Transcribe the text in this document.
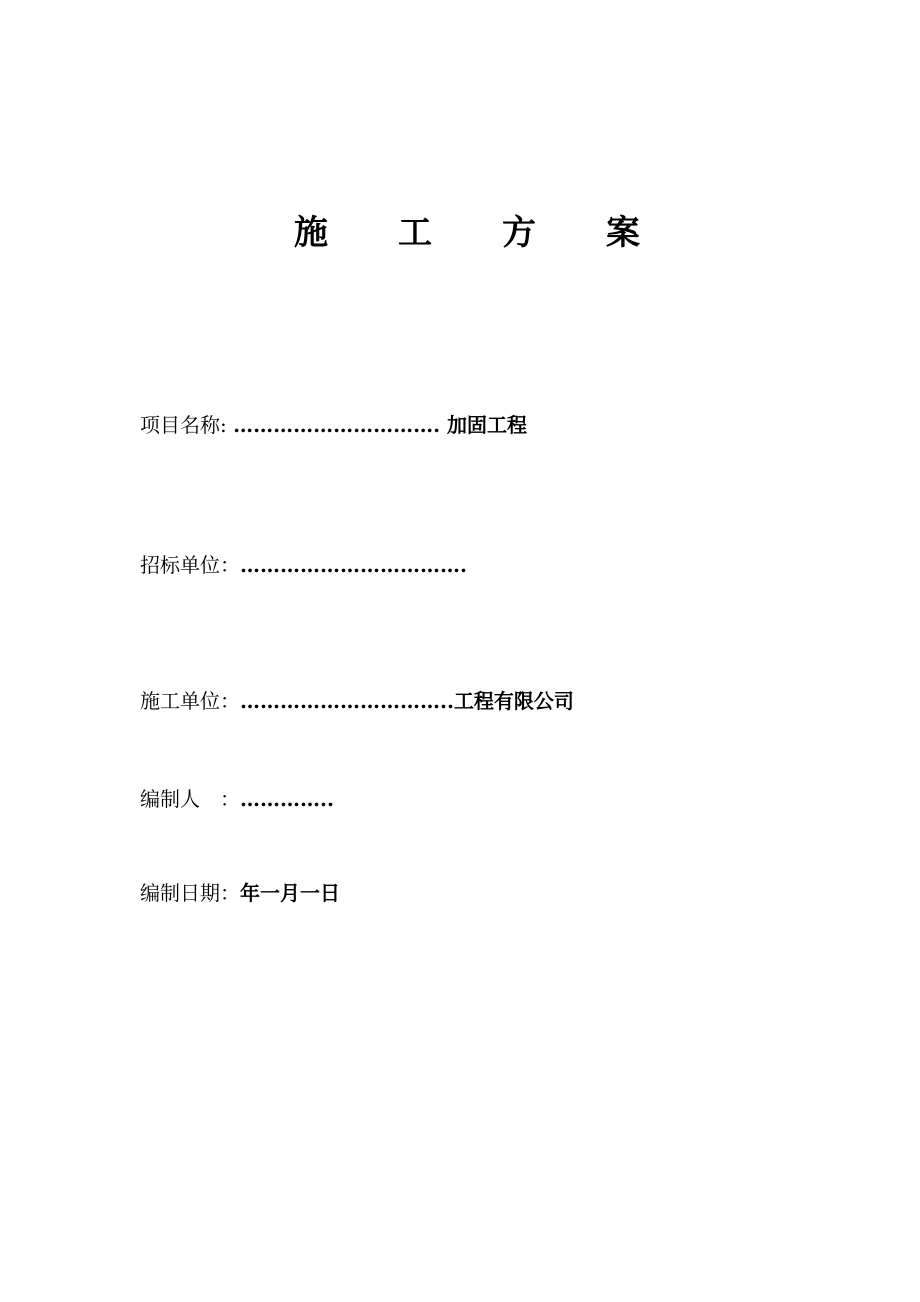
施	工	方	案
项目名称: …………………………. 加固工程
招标单位：…………………………….
施工单位：…………………………..工程有限公司
编制人　：…………..
编制日期：年一月一日
